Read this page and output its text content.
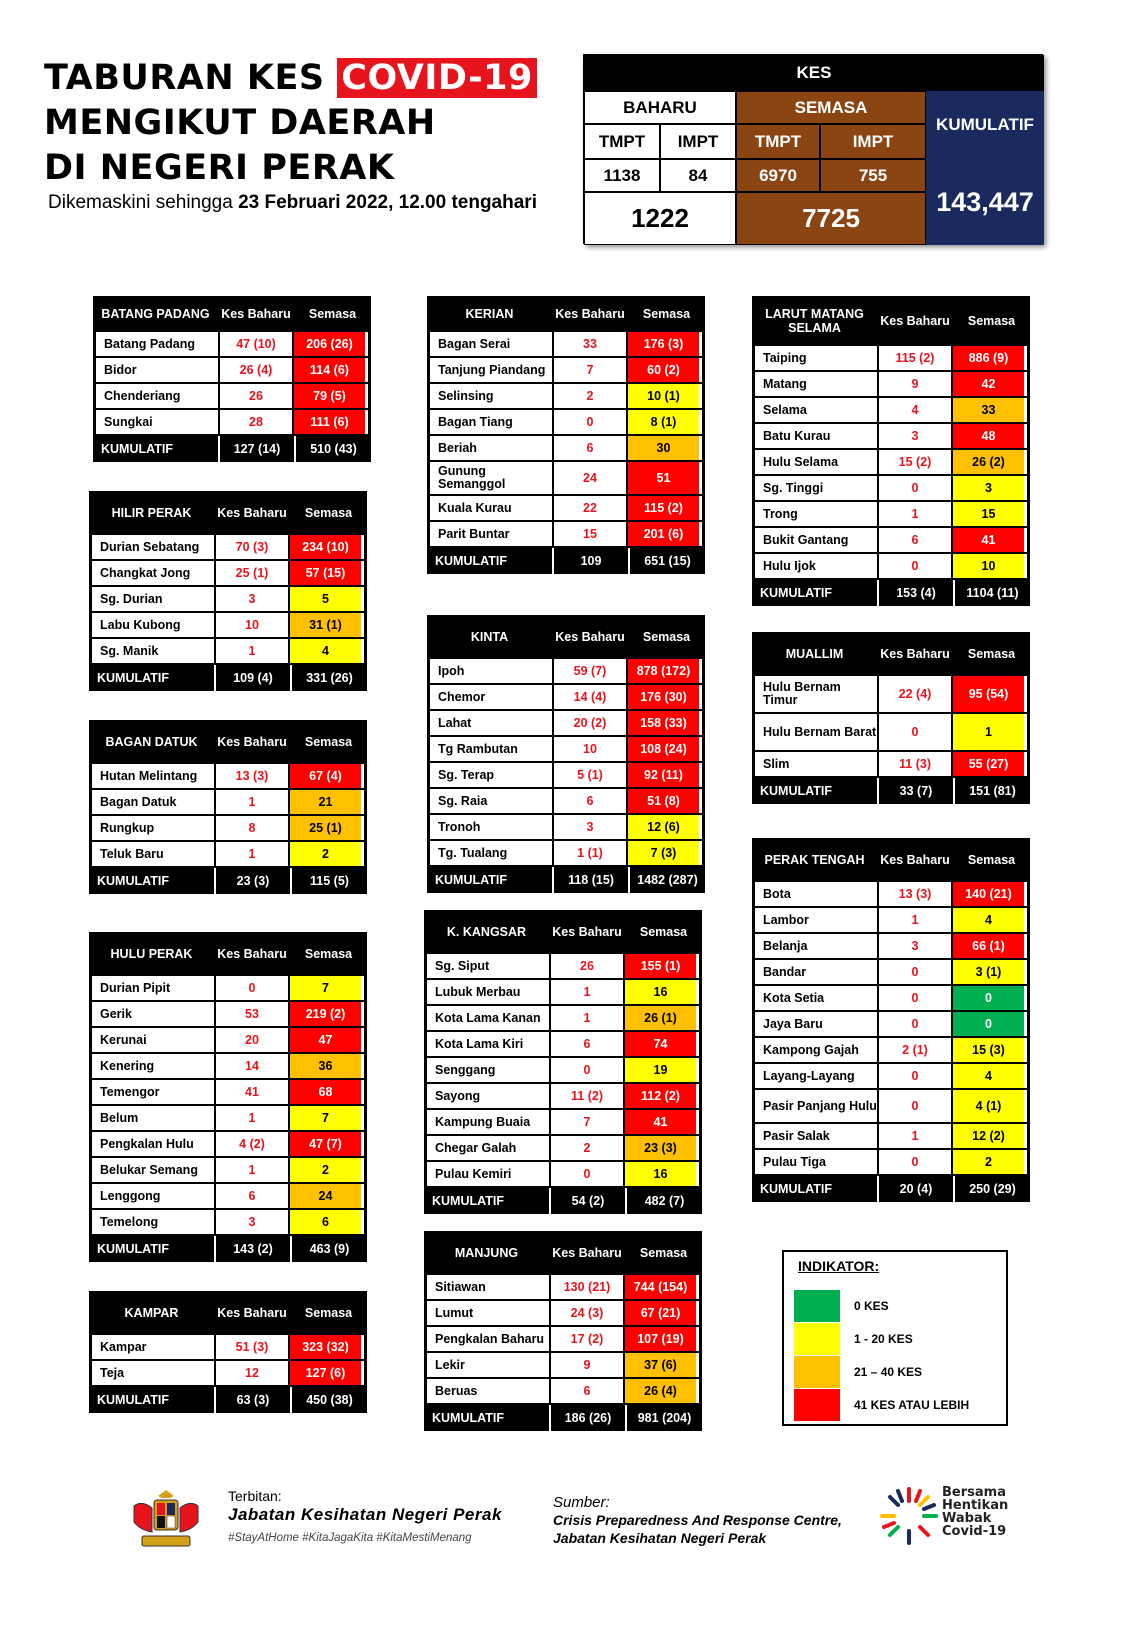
TABURAN KES COVID-19
MENGIKUT DAERAH
DI NEGERI PERAK
Dikemaskini sehingga 23 Februari 2022, 12.00 tengahari
KES
BAHARU	SEMASA
KUMULATIF
TMPT	IMPT	TMPT	IMPT
1138	84	6970	755
1222	7725
143,447
BATANG PADANG Kes Baharu	Semasa
Batang Padang	47 (10)	206 (26)
Bidor	26 (4)	114 (6)
Chenderiang	26	79 (5)
Sungkai	28	111 (6)
KUMULATIF	127 (14)	510 (43)
HILIR PERAK	Kes Baharu	Semasa
Durian Sebatang	70 (3)	234 (10)
Changkat Jong	25 (1)	57 (15)
Sg. Durian	3	5
Labu Kubong	10	31 (1)
Sg. Manik	1	4
KUMULATIF	109 (4)	331 (26)
BAGAN DATUK	Kes Baharu	Semasa
Hutan Melintang	13 (3)	67 (4)
Bagan Datuk	1	21
Rungkup	8	25 (1)
Teluk Baru	1	2
KUMULATIF	23 (3)	115 (5)
HULU PERAK	Kes Baharu	Semasa
Durian Pipit	0	7
Gerik	53	219 (2)
Kerunai	20	47
Kenering	14	36
Temengor	41	68
Belum	1	7
Pengkalan Hulu	4 (2)	47 (7)
Belukar Semang	1	2
Lenggong	6	24
Temelong	3	6
KUMULATIF	143 (2)	463 (9)
KAMPAR	Kes Baharu	Semasa
Kampar	51 (3)	323 (32)
Teja	12	127 (6)
KUMULATIF	63 (3)	450 (38)
KERIAN	Kes Baharu	Semasa
Bagan Serai	33	176 (3)
Tanjung Piandang	7	60 (2)
Selinsing	2	10 (1)
Bagan Tiang	0	8 (1)
Beriah	6	30
Gunung Semanggol	24	51
Kuala Kurau	22	115 (2)
Parit Buntar	15	201 (6)
KUMULATIF	109	651 (15)
KINTA	Kes Baharu	Semasa
Ipoh	59 (7)	878 (172)
Chemor	14 (4)	176 (30)
Lahat	20 (2)	158 (33)
Tg Rambutan	10	108 (24)
Sg. Terap	5 (1)	92 (11)
Sg. Raia	6	51 (8)
Tronoh	3	12 (6)
Tg. Tualang	1 (1)	7 (3)
KUMULATIF	118 (15)	1482 (287)
K. KANGSAR	Kes Baharu	Semasa
Sg. Siput	26	155 (1)
Lubuk Merbau	1	16
Kota Lama Kanan	1	26 (1)
Kota Lama Kiri	6	74
Senggang	0	19
Sayong	11 (2)	112 (2)
Kampung Buaia	7	41
Chegar Galah	2	23 (3)
Pulau Kemiri	0	16
KUMULATIF	54 (2)	482 (7)
MANJUNG	Kes Baharu	Semasa
Sitiawan	130 (21)	744 (154)
Lumut	24 (3)	67 (21)
Pengkalan Baharu	17 (2)	107 (19)
Lekir	9	37 (6)
Beruas	6	26 (4)
KUMULATIF	186 (26)	981 (204)
LARUT MATANG SELAMA	Kes Baharu	Semasa
Taiping	115 (2)	886 (9)
Matang	9	42
Selama	4	33
Batu Kurau	3	48
Hulu Selama	15 (2)	26 (2)
Sg. Tinggi	0	3
Trong	1	15
Bukit Gantang	6	41
Hulu Ijok	0	10
KUMULATIF	153 (4)	1104 (11)
MUALLIM	Kes Baharu	Semasa
Hulu Bernam Timur	22 (4)	95 (54)
Hulu Bernam Barat	0	1
Slim	11 (3)	55 (27)
KUMULATIF	33 (7)	151 (81)
PERAK TENGAH	Kes Baharu	Semasa
Bota	13 (3)	140 (21)
Lambor	1	4
Belanja	3	66 (1)
Bandar	0	3 (1)
Kota Setia	0	0
Jaya Baru	0	0
Kampong Gajah	2 (1)	15 (3)
Layang-Layang	0	4
Pasir Panjang Hulu	0	4 (1)
Pasir Salak	1	12 (2)
Pulau Tiga	0	2
KUMULATIF	20 (4)	250 (29)
INDIKATOR:
0 KES
1 - 20 KES
21 – 40 KES
41 KES ATAU LEBIH
Terbitan:
Jabatan Kesihatan Negeri Perak
#StayAtHome #KitaJagaKita #KitaMestiMenang
Sumber:
Crisis Preparedness And Response Centre,
Jabatan Kesihatan Negeri Perak
Bersama
Hentikan
Wabak
Covid-19
